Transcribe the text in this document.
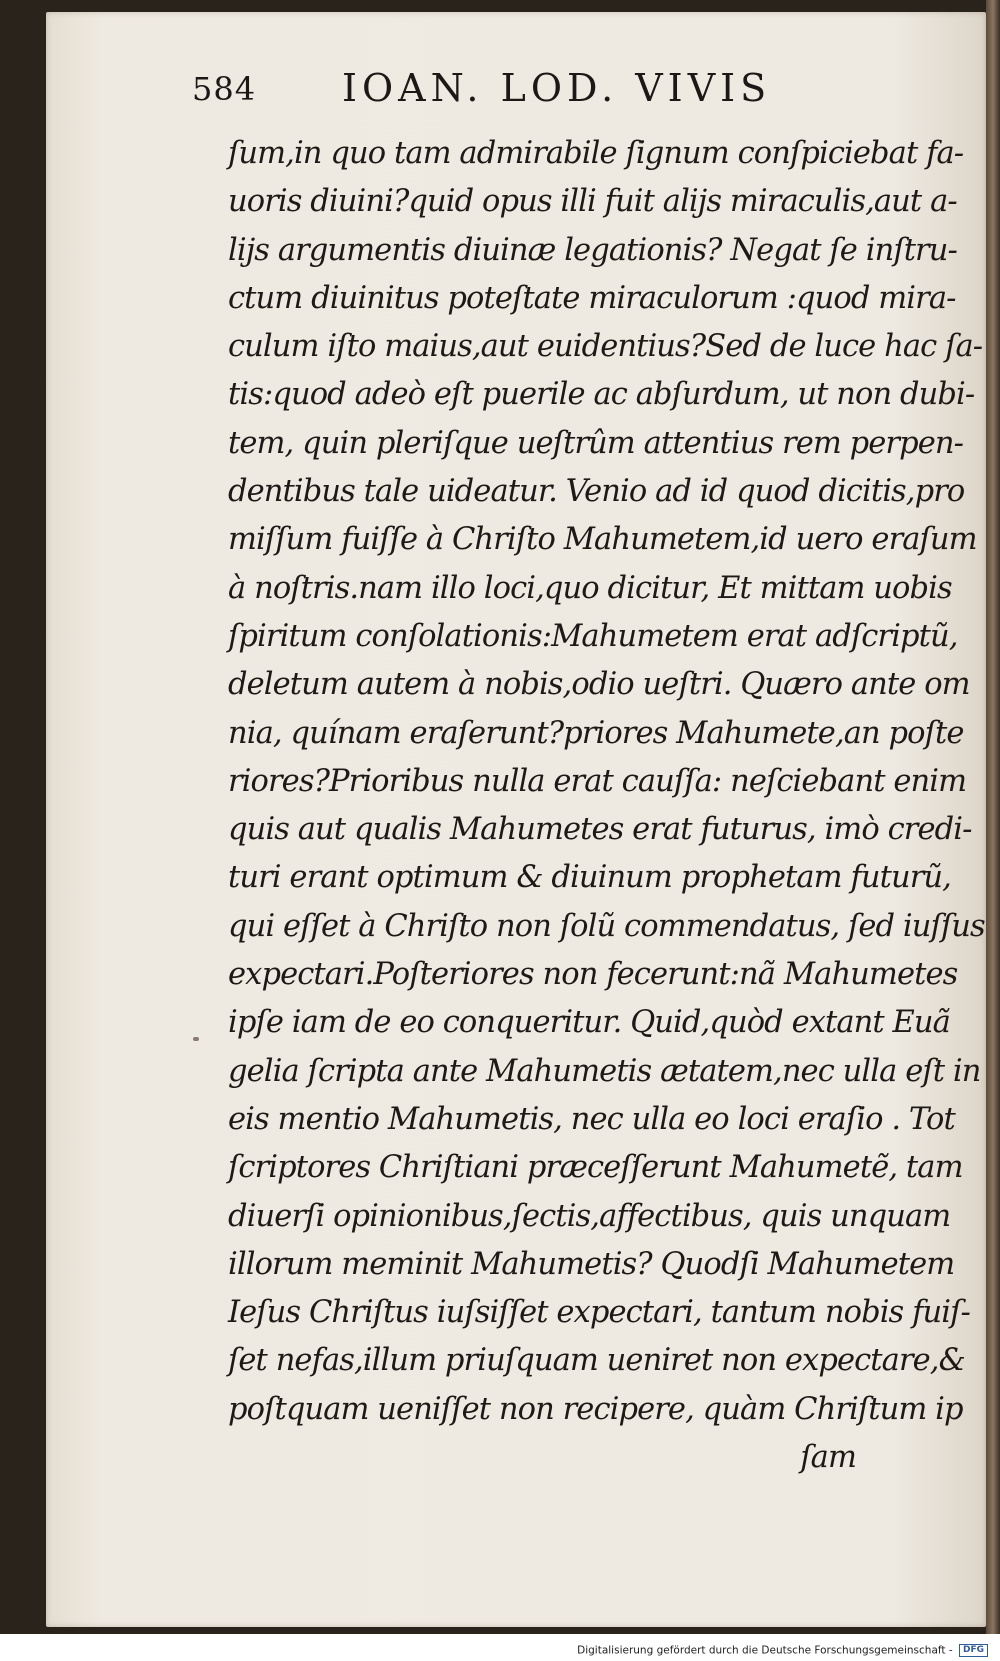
584 IOAN. LOD. VIVIS
ſum,in quo tam admirabile ſignum conſpiciebat fa-
uoris diuini?quid opus illi fuit alijs miraculis,aut a-
lijs argumentis diuinæ legationis? Negat ſe inſtru-
ctum diuinitus poteſtate miraculorum :quod mira-
culum iſto maius,aut euidentius?Sed de luce hac ſa-
tis:quod adeò eſt puerile ac abſurdum, ut non dubi-
tem, quin pleriſque ueſtrûm attentius rem perpen-
dentibus tale uideatur. Venio ad id quod dicitis,pro
miſſum fuiſſe à Chriſto Mahumetem,id uero eraſum
à noſtris.nam illo loci,quo dicitur, Et mittam uobis
ſpiritum conſolationis:Mahumetem erat adſcriptũ,
deletum autem à nobis,odio ueſtri. Quæro ante om
nia, quínam eraſerunt?priores Mahumete,an poſte
riores?Prioribus nulla erat cauſſa: neſciebant enim
quis aut qualis Mahumetes erat futurus, imò credi-
turi erant optimum & diuinum prophetam futurũ,
qui eſſet à Chriſto non ſolũ commendatus, ſed iuſſus
expectari.Poſteriores non fecerunt:nã Mahumetes
ipſe iam de eo conqueritur. Quid,quòd extant Euã
gelia ſcripta ante Mahumetis ætatem,nec ulla eſt in
eis mentio Mahumetis, nec ulla eo loci eraſio . Tot
ſcriptores Chriſtiani præceſſerunt Mahumetẽ, tam
diuerſi opinionibus,ſectis,affectibus, quis unquam
illorum meminit Mahumetis? Quodſi Mahumetem
Ieſus Chriſtus iuſsiſſet expectari, tantum nobis fuiſ-
ſet nefas,illum priuſquam ueniret non expectare,&
poſtquam ueniſſet non recipere, quàm Chriſtum ip
ſam
Digitalisierung gefördert durch die Deutsche Forschungsgemeinschaft - DFG
